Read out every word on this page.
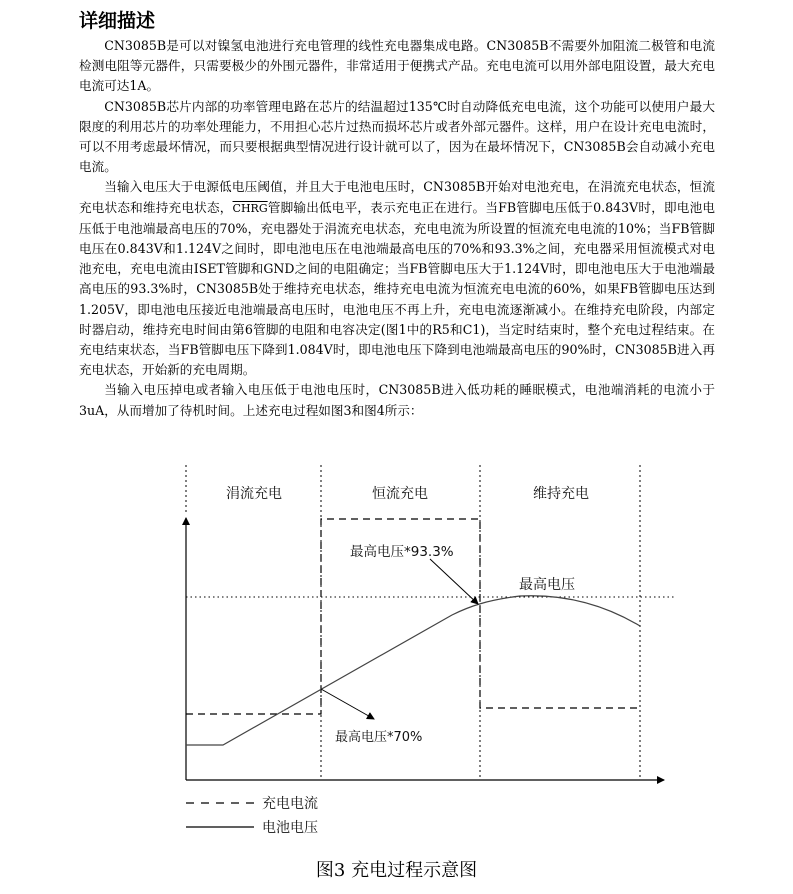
详细描述

CN3085B是可以对镍氢电池进行充电管理的线性充电器集成电路。CN3085B不需要外加阻流二极管和电流检测电阻等元器件，只需要极少的外围元器件，非常适用于便携式产品。充电电流可以用外部电阻设置，最大充电电流可达1A。

CN3085B芯片内部的功率管理电路在芯片的结温超过135℃时自动降低充电电流，这个功能可以使用户最大限度的利用芯片的功率处理能力，不用担心芯片过热而损坏芯片或者外部元器件。这样，用户在设计充电电流时，可以不用考虑最坏情况，而只要根据典型情况进行设计就可以了，因为在最坏情况下，CN3085B会自动减小充电电流。

当输入电压大于电源低电压阈值，并且大于电池电压时，CN3085B开始对电池充电，在涓流充电状态，恒流充电状态和维持充电状态，CHRG管脚输出低电平，表示充电正在进行。当FB管脚电压低于0.843V时，即电池电压低于电池端最高电压的70%，充电器处于涓流充电状态，充电电流为所设置的恒流充电电流的10%；当FB管脚电压在0.843V和1.124V之间时，即电池电压在电池端最高电压的70%和93.3%之间，充电器采用恒流模式对电池充电，充电电流由ISET管脚和GND之间的电阻确定；当FB管脚电压大于1.124V时，即电池电压大于电池端最高电压的93.3%时，CN3085B处于维持充电状态，维持充电电流为恒流充电电流的60%，如果FB管脚电压达到1.205V，即电池电压接近电池端最高电压时，电池电压不再上升，充电电流逐渐减小。在维持充电阶段，内部定时器启动，维持充电时间由第6管脚的电阻和电容决定(图1中的R5和C1)，当定时结束时，整个充电过程结束。在充电结束状态，当FB管脚电压下降到1.084V时，即电池电压下降到电池端最高电压的90%时，CN3085B进入再充电状态，开始新的充电周期。

当输入电压掉电或者输入电压低于电池电压时，CN3085B进入低功耗的睡眠模式，电池端消耗的电流小于3uA，从而增加了待机时间。上述充电过程如图3和图4所示：

涓流充电	恒流充电	维持充电
最高电压*93.3%
最高电压
最高电压*70%
充电电流
电池电压
图3 充电过程示意图
